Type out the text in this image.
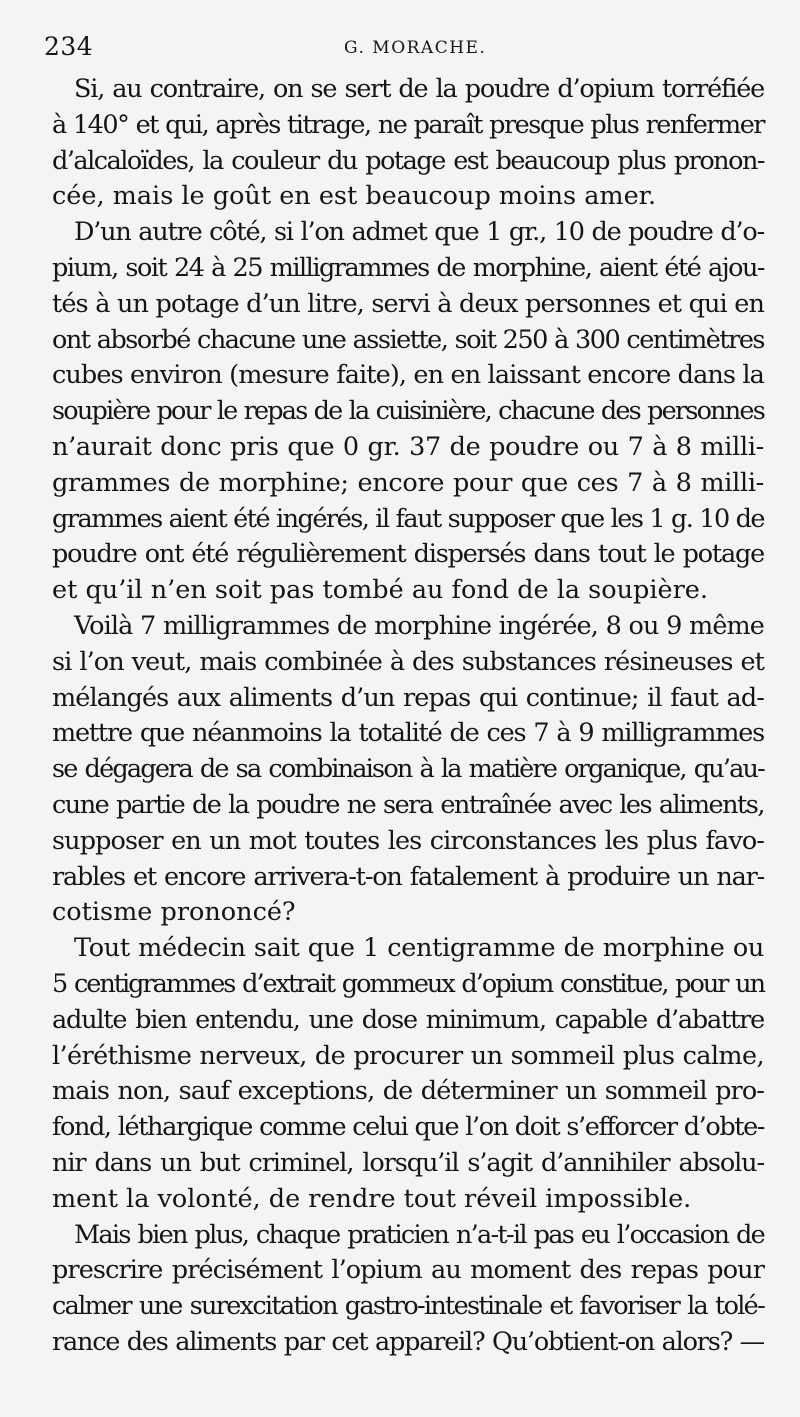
234	G. MORACHE.
Si, au contraire, on se sert de la poudre d’opium torréfiée
à 140° et qui, après titrage, ne paraît presque plus renfermer
d’alcaloïdes, la couleur du potage est beaucoup plus pronon-
cée, mais le goût en est beaucoup moins amer.
D’un autre côté, si l’on admet que 1 gr., 10 de poudre d’o-
pium, soit 24 à 25 milligrammes de morphine, aient été ajou-
tés à un potage d’un litre, servi à deux personnes et qui en
ont absorbé chacune une assiette, soit 250 à 300 centimètres
cubes environ (mesure faite), en en laissant encore dans la
soupière pour le repas de la cuisinière, chacune des personnes
n’aurait donc pris que 0 gr. 37 de poudre ou 7 à 8 milli-
grammes de morphine; encore pour que ces 7 à 8 milli-
grammes aient été ingérés, il faut supposer que les 1 g. 10 de
poudre ont été régulièrement dispersés dans tout le potage
et qu’il n’en soit pas tombé au fond de la soupière.
Voilà 7 milligrammes de morphine ingérée, 8 ou 9 même
si l’on veut, mais combinée à des substances résineuses et
mélangés aux aliments d’un repas qui continue; il faut ad-
mettre que néanmoins la totalité de ces 7 à 9 milligrammes
se dégagera de sa combinaison à la matière organique, qu’au-
cune partie de la poudre ne sera entraînée avec les aliments,
supposer en un mot toutes les circonstances les plus favo-
rables et encore arrivera-t-on fatalement à produire un nar-
cotisme prononcé?
Tout médecin sait que 1 centigramme de morphine ou
5 centigrammes d’extrait gommeux d’opium constitue, pour un
adulte bien entendu, une dose minimum, capable d’abattre
l’éréthisme nerveux, de procurer un sommeil plus calme,
mais non, sauf exceptions, de déterminer un sommeil pro-
fond, léthargique comme celui que l’on doit s’efforcer d’obte-
nir dans un but criminel, lorsqu’il s’agit d’annihiler absolu-
ment la volonté, de rendre tout réveil impossible.
Mais bien plus, chaque praticien n’a-t-il pas eu l’occasion de
prescrire précisément l’opium au moment des repas pour
calmer une surexcitation gastro-intestinale et favoriser la tolé-
rance des aliments par cet appareil? Qu’obtient-on alors? —
